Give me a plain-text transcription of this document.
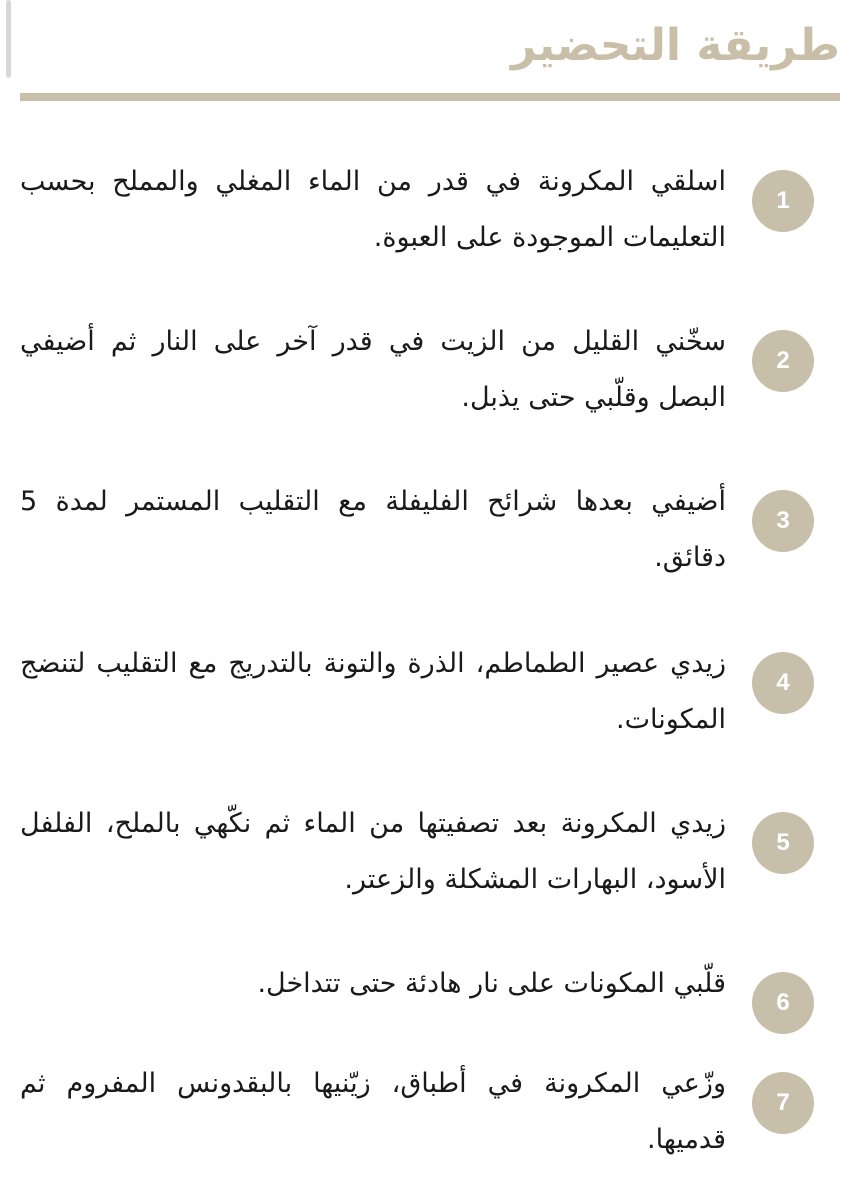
طريقة التحضير
1
اسلقي المكرونة في قدر من الماء المغلي والمملح بحسب التعليمات الموجودة على العبوة.
2
سخّني القليل من الزيت في قدر آخر على النار ثم أضيفي البصل وقلّبي حتى يذبل.
3
أضيفي بعدها شرائح الفليفلة مع التقليب المستمر لمدة 5 دقائق.
4
زيدي عصير الطماطم، الذرة والتونة بالتدريج مع التقليب لتنضج المكونات.
5
زيدي المكرونة بعد تصفيتها من الماء ثم نكّهي بالملح، الفلفل الأسود، البهارات المشكلة والزعتر.
6
قلّبي المكونات على نار هادئة حتى تتداخل.
7
وزّعي المكرونة في أطباق، زيّنيها بالبقدونس المفروم ثم قدميها.
